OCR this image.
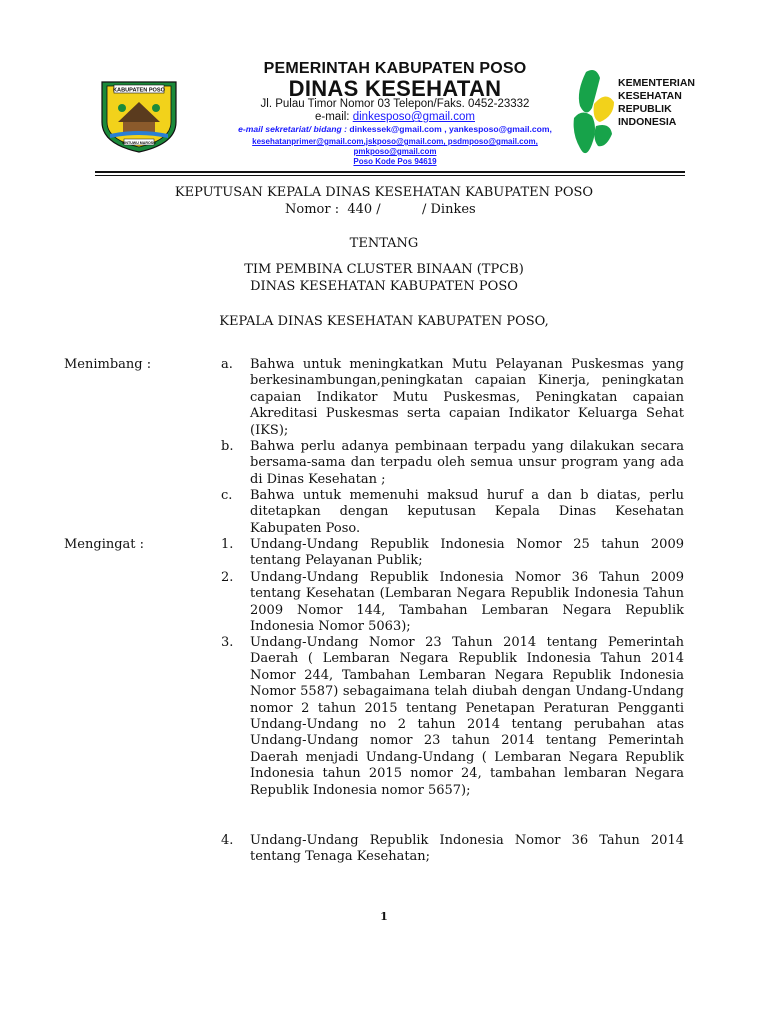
KABUPATEN POSO
SINTUWU MAROSO
KEMENTERIAN
KESEHATAN
REPUBLIK
INDONESIA
PEMERINTAH KABUPATEN POSO
DINAS KESEHATAN
Jl. Pulau Timor Nomor 03 Telepon/Faks. 0452-23332
e-mail: dinkesposo@gmail.com
e-mail sekretariat/ bidang : dinkessek@gmail.com , yankesposo@gmail.com,
kesehatanprimer@gmail.com,jskposo@gmail.com, psdmposo@gmail.com,
pmkposo@gmail.com
Poso Kode Pos 94619
KEPUTUSAN KEPALA DINAS KESEHATAN KABUPATEN POSO
Nomor :  440 /          / Dinkes
TENTANG
TIM PEMBINA CLUSTER BINAAN (TPCB)
DINAS KESEHATAN KABUPATEN POSO
KEPALA DINAS KESEHATAN KABUPATEN POSO,
Menimbang :	a. Bahwa untuk meningkatkan Mutu Pelayanan Puskesmas yang berkesinambungan,peningkatan capaian Kinerja, peningkatan capaian Indikator Mutu Puskesmas, Peningkatan capaian Akreditasi Puskesmas serta capaian Indikator Keluarga Sehat (IKS);
b. Bahwa perlu adanya pembinaan terpadu yang dilakukan secara bersama-sama dan terpadu oleh semua unsur program yang ada di Dinas Kesehatan ;
c. Bahwa untuk memenuhi maksud huruf a dan b diatas, perlu ditetapkan dengan keputusan Kepala Dinas Kesehatan Kabupaten Poso.
Mengingat :	1. Undang-Undang Republik Indonesia Nomor 25 tahun 2009 tentang Pelayanan Publik;
2. Undang-Undang Republik Indonesia Nomor 36 Tahun 2009 tentang Kesehatan (Lembaran Negara Republik Indonesia Tahun 2009 Nomor 144, Tambahan Lembaran Negara Republik Indonesia Nomor 5063);
3. Undang-Undang Nomor 23 Tahun 2014 tentang Pemerintah Daerah ( Lembaran Negara Republik Indonesia Tahun 2014 Nomor 244, Tambahan Lembaran Negara Republik Indonesia Nomor 5587) sebagaimana telah diubah dengan Undang-Undang nomor 2 tahun 2015 tentang Penetapan Peraturan Pengganti Undang-Undang no 2 tahun 2014 tentang perubahan atas Undang-Undang nomor 23 tahun 2014 tentang Pemerintah Daerah menjadi Undang-Undang ( Lembaran Negara Republik Indonesia tahun 2015 nomor 24, tambahan lembaran Negara Republik Indonesia nomor 5657);
4. Undang-Undang Republik Indonesia Nomor 36 Tahun 2014 tentang Tenaga Kesehatan;
1
